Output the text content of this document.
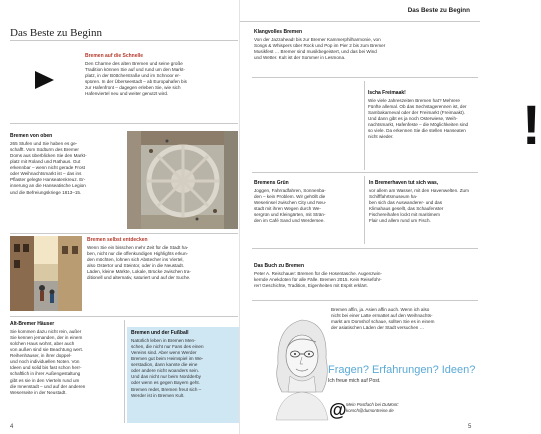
Das Beste zu Beginn
Bremen auf die Schnelle
Den Charme des alten Bremen und seine große
Tradition können Sie auf und rund um den Markt-
platz, in der Böttcherstraße und im Schnoor er-
spüren. In der Überseestadt – ab Europahafen bis
zur Hafenfront – dagegen erleben Sie, wie sich
Hafenviertel neu und weiter genutzt wird.
Bremen von oben
265 Stufen und Sie haben es ge-
schafft. Vom Südturm des Bremer
Doms aus überblicken Sie den Markt-
platz mit Roland und Rathaus. Gut
erkennbar – wenn nicht gerade Frost
oder Weihnachtsmarkt ist – das ins
Pflaster gelegte Hanseatenkreuz. Er-
innerung an die Hanseatische Legion
und die Befreiungskriege 1813–15.
Bremen selbst entdecken
Wenn Sie ein bisschen mehr Zeit für die Stadt ha-
ben, nicht nur die offenkundigen Highlights erkun-
den möchten, lohnen sich Abstecher ins Viertel,
also Ostertor und Steintor, oder in die Neustadt.
Läden, kleine Märkte, Lokale, Brücke zwischen tra-
ditionell und alternativ, saturiert und auf der Suche.
Alt-Bremer Häuser
Sie kommen dazu nicht rein, außer
Sie kennen jemanden, der in einem
solchen Haus wohnt, aber auch
von außen sind sie Beachtung wert.
Reihenhäuser, in ihrer doppel-
und noch individuellen Noten. Von
Ideen und solid bis fast schon herr-
schaftlich in ihrer Außengestaltung
gibt es sie in den Vierteln rund um
die Innenstadt – und auf der anderen
Weserseite in der Neustadt.
Bremen und der Fußball
Natürlich leben in Bremen Men-
schen, die nicht nur Fans des einen
Vereins sind. Aber wenn Werder
Bremen gut beim Heimspiel im We-
serstadion, dann kannte die eine
oder andere nicht woanders sein.
Und das nicht nur beim Nordderby
oder wenn es gegen Bayern geht.
Bremen redet, Bremen freut sich –
Werder ist in Bremen Kult.
4
Das Beste zu Beginn
Klangvolles Bremen
Von der Jazzahead! bis zur Bremer Kammerphilharmonie, von
Songs & Whispers über Rock und Pop im Pier 2 bis zum Bremer
Musikfest … Bremer sind musikbegeistert, und das bei Wind
und Wetter. Kult ist der Sommer in Lesmona.
!
Ischa Freimaak!
Wie viele Jahreszeiten Bremen hat? Mehrere
Fünfte allemal. Ob das Sechstagerennen ist, der
Sambakarneval oder der Freimarkt (Freimaakt).
Und dann gibt es ja noch Osterwiese, Weih-
nachtsmarkt, Hafenfeste – die Möglichkeiten sind
so viele. Da erkennen Sie die stellen Hanseaten
nicht wieder.
Bremens Grün
Joggen, Fahrradfahren, Sonnenba-
den – kein Problem. Wir gehöllt die
Weserinsel zwischen City und Neu-
stadt mit ihren Wegen durch We-
sergrün und Kleingärten, mit Strän-
den im Café Sand und Werdersee.
In Bremerhaven tut sich was,
vor allem am Wasser, mit den Havenwelten. Zum
Schifffahrtsmuseum ha-
ben sich das Auswanderer- und das
Klimahaus gesellt, das Schaufenster
Fischereihafen lockt mit maritimem
Flair und allem rund um Fisch.
Das Buch zu Bremen
Peter A. Reischauer: Bremen für die Hosentasche. Augenzwin-
kernde Anekdoten für alle Fälle. Bremen 2015. Kein Reiseführ-
rer! Geschichte, Tradition, Eigenheiten mit Esprit erklärt.
Bremen affin, ja. Asien affin auch. Wenn ich also
nicht bei einer Latte ermattet auf den Weihnachts-
markt am Domshof schaue, sollten Sie es in einem
der asiatischen Läden der Stadt versuchen …
5
Fragen? Erfahrungen? Ideen?
Ich freue mich auf Post.
@ Mein Postfach bei DuMont:
korsch@dumontreise.de
